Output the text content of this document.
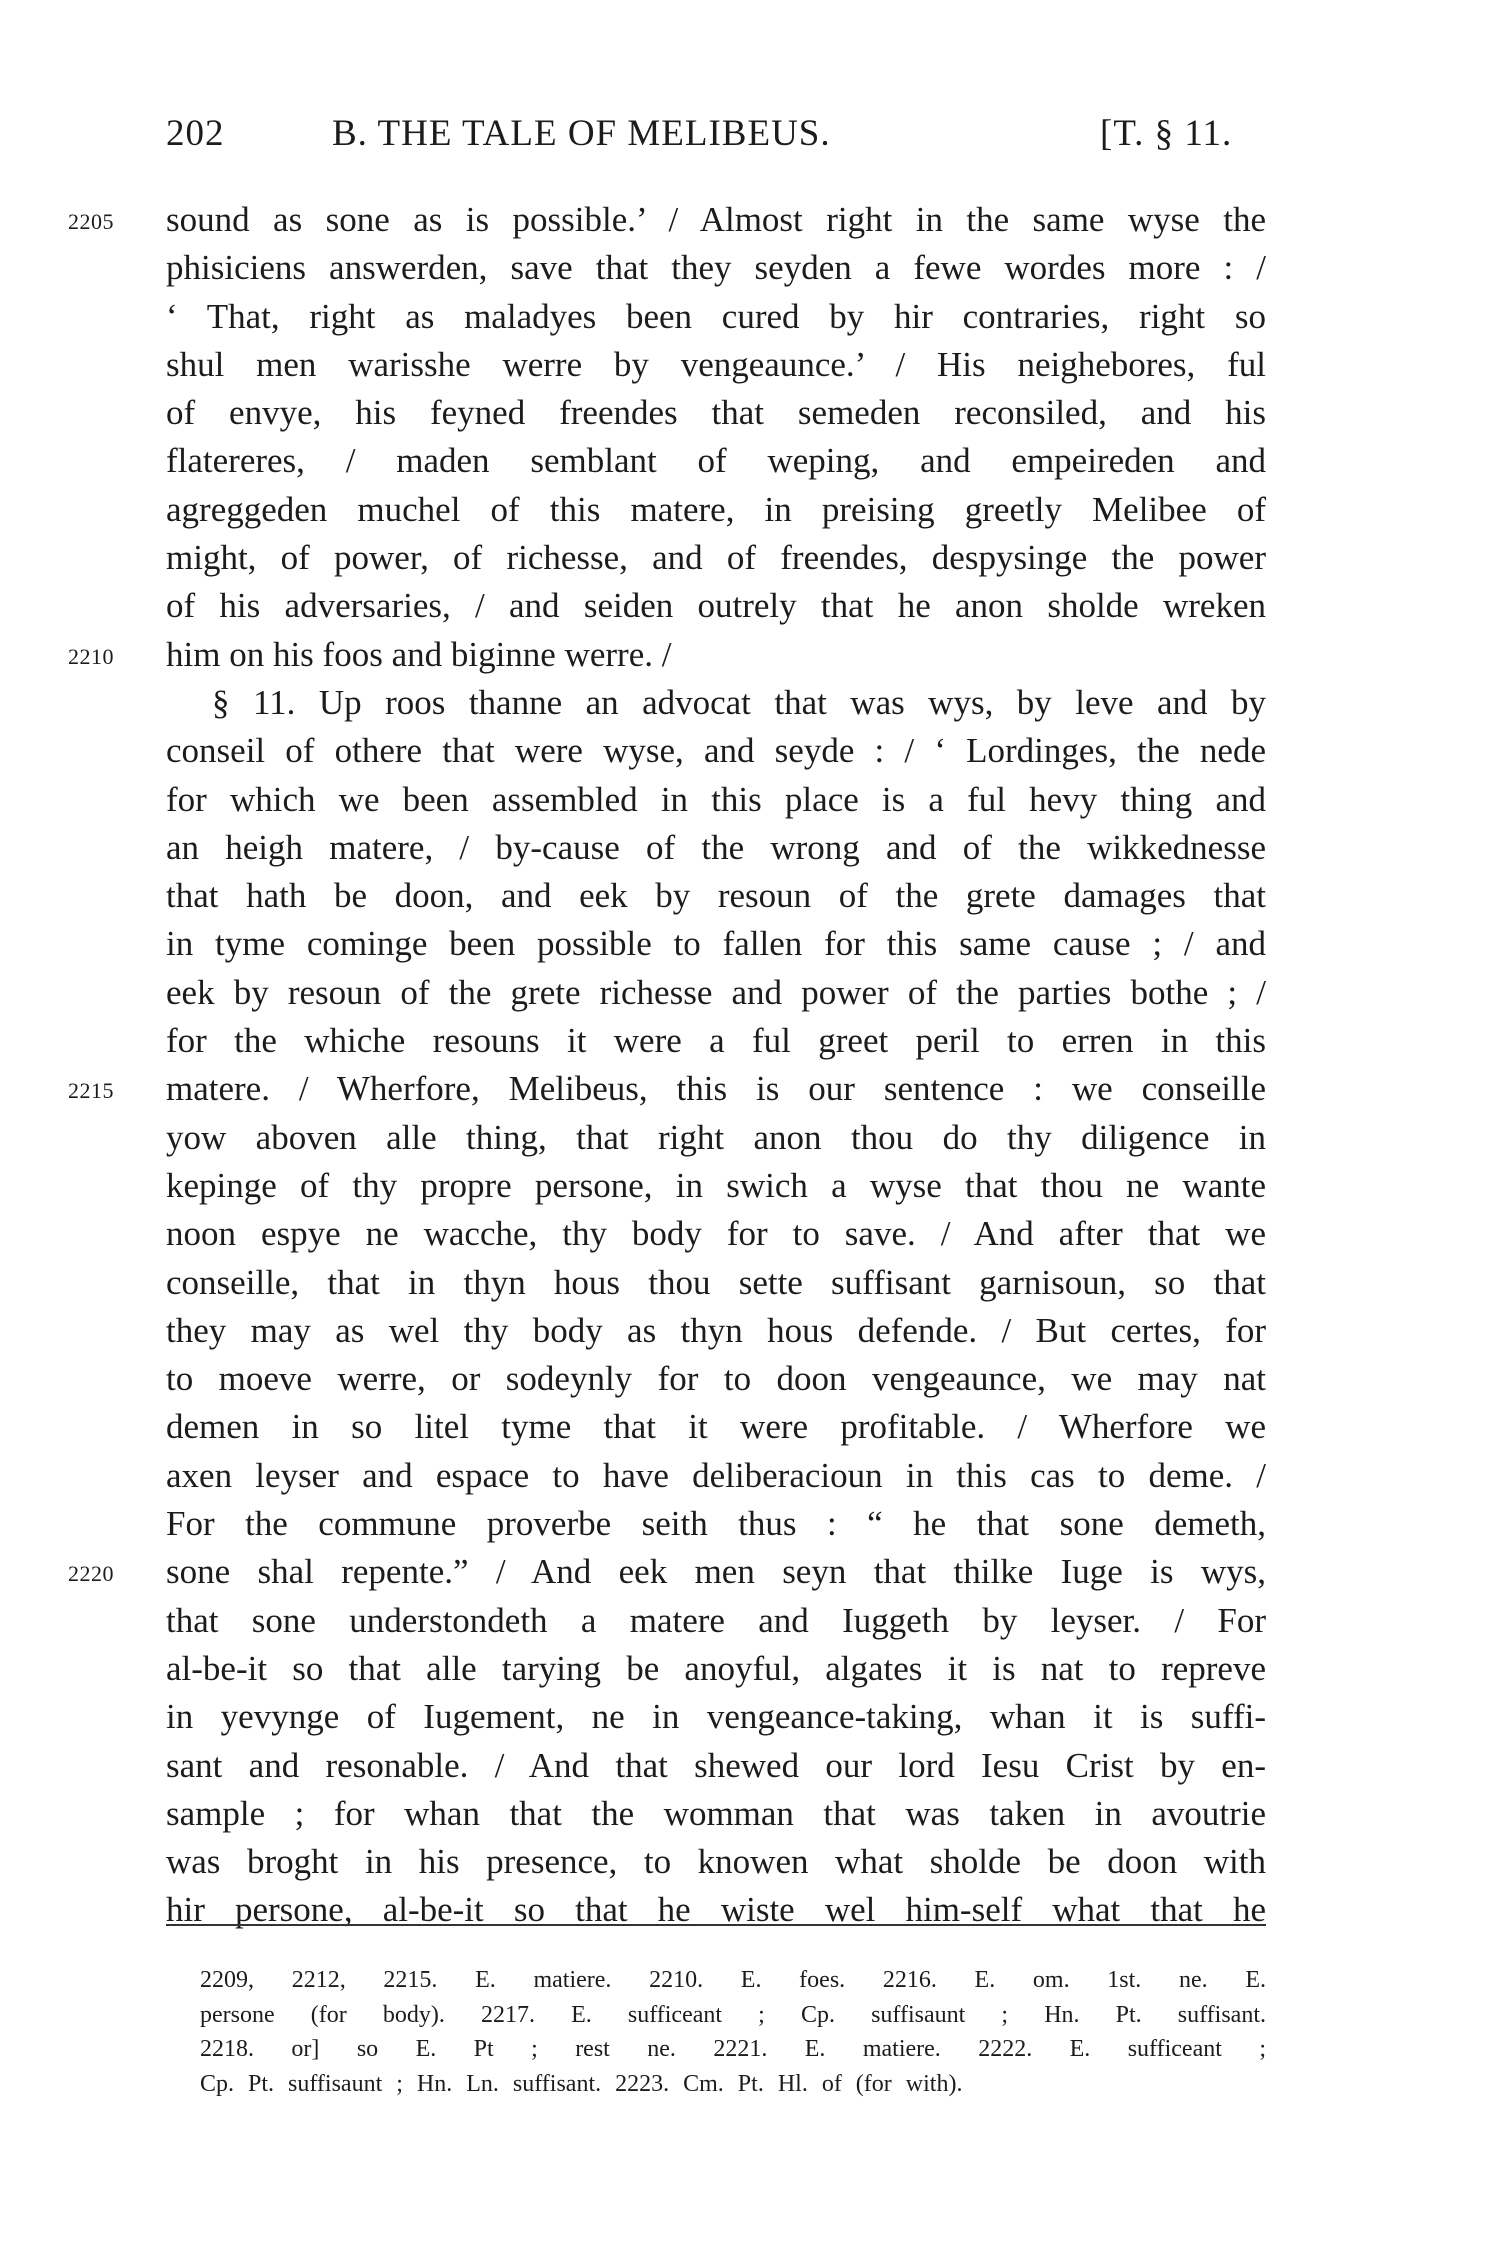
202	B. THE TALE OF MELIBEUS.	[T. § 11.
2205 sound as sone as is possible.’ / Almost right in the same wyse the
phisiciens answerden, save that they seyden a fewe wordes more : /
‘ That, right as maladyes been cured by hir contraries, right so
shul men warisshe werre by vengeaunce.’ / His neighebores, ful
of envye, his feyned freendes that semeden reconsiled, and his
flatereres, / maden semblant of weping, and empeireden and
agreggeden muchel of this matere, in preising greetly Melibee of
might, of power, of richesse, and of freendes, despysinge the power
of his adversaries, / and seiden outrely that he anon sholde wreken
2210 him on his foos and biginne werre. /
§ 11. Up roos thanne an advocat that was wys, by leve and by
conseil of othere that were wyse, and seyde : / ‘ Lordinges, the nede
for which we been assembled in this place is a ful hevy thing and
an heigh matere, / by-cause of the wrong and of the wikkednesse
that hath be doon, and eek by resoun of the grete damages that
in tyme cominge been possible to fallen for this same cause ; / and
eek by resoun of the grete richesse and power of the parties bothe ; /
for the whiche resouns it were a ful greet peril to erren in this
2215 matere. / Wherfore, Melibeus, this is our sentence : we conseille
yow aboven alle thing, that right anon thou do thy diligence in
kepinge of thy propre persone, in swich a wyse that thou ne wante
noon espye ne wacche, thy body for to save. / And after that we
conseille, that in thyn hous thou sette suffisant garnisoun, so that
they may as wel thy body as thyn hous defende. / But certes, for
to moeve werre, or sodeynly for to doon vengeaunce, we may nat
demen in so litel tyme that it were profitable. / Wherfore we
axen leyser and espace to have deliberacioun in this cas to deme. /
For the commune proverbe seith thus : “ he that sone demeth,
2220 sone shal repente.” / And eek men seyn that thilke Iuge is wys,
that sone understondeth a matere and Iuggeth by leyser. / For
al-be-it so that alle tarying be anoyful, algates it is nat to repreve
in yevynge of Iugement, ne in vengeance-taking, whan it is suffi-
sant and resonable. / And that shewed our lord Iesu Crist by en-
sample ; for whan that the womman that was taken in avoutrie
was broght in his presence, to knowen what sholde be doon with
hir persone, al-be-it so that he wiste wel him-self what that he
2209, 2212, 2215. E. matiere. 2210. E. foes. 2216. E. om. 1st. ne. E.
persone (for body). 2217. E. sufficeant ; Cp. suffisaunt ; Hn. Pt. suffisant.
2218. or] so E. Pt ; rest ne. 2221. E. matiere. 2222. E. sufficeant ;
Cp. Pt. suffisaunt ; Hn. Ln. suffisant. 2223. Cm. Pt. Hl. of (for with).
